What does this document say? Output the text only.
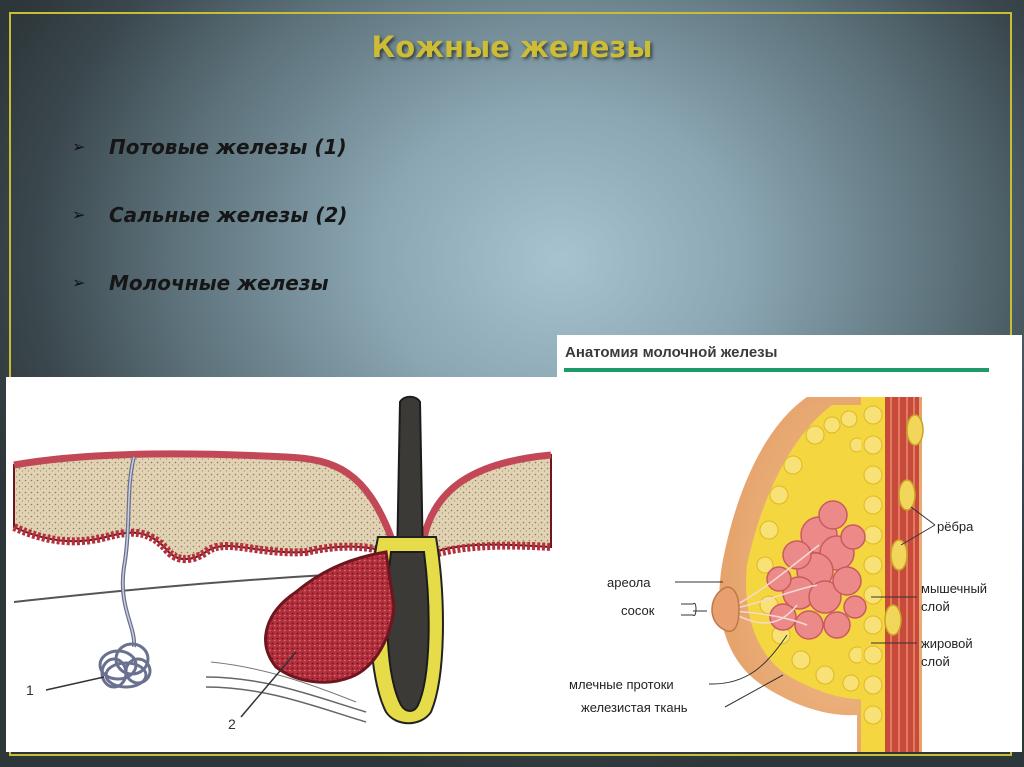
Кожные железы
➢ Потовые железы (1)
➢ Сальные железы (2)
➢ Молочные железы
1
2
Анатомия молочной железы
ареола
сосок
млечные протоки
железистая ткань
рёбра
мышечный
слой
жировой
слой
